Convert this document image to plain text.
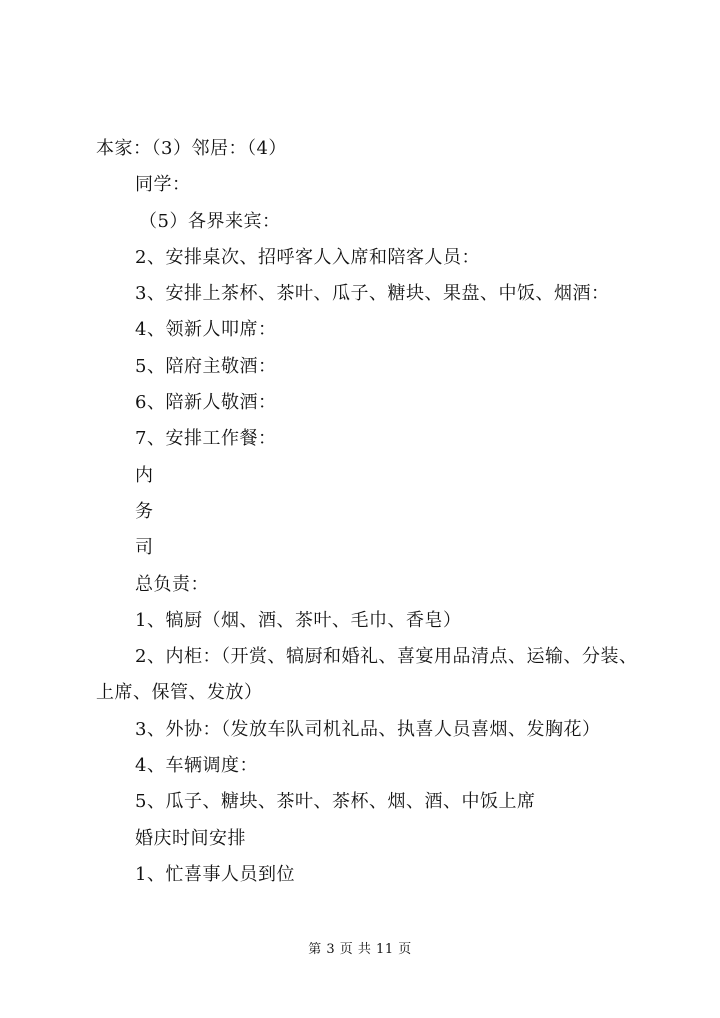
本家：（3）邻居：（4）
同学：
（5）各界来宾：
2、安排桌次、招呼客人入席和陪客人员：
3、安排上茶杯、茶叶、瓜子、糖块、果盘、中饭、烟酒：
4、领新人叩席：
5、陪府主敬酒：
6、陪新人敬酒：
7、安排工作餐：
内
务
司
总负责：
1、犒厨（烟、酒、茶叶、毛巾、香皂）
2、内柜：（开赏、犒厨和婚礼、喜宴用品清点、运输、分装、
上席、保管、发放）
3、外协：（发放车队司机礼品、执喜人员喜烟、发胸花）
4、车辆调度：
5、瓜子、糖块、茶叶、茶杯、烟、酒、中饭上席
婚庆时间安排
1、忙喜事人员到位
第 3 页 共 11 页
